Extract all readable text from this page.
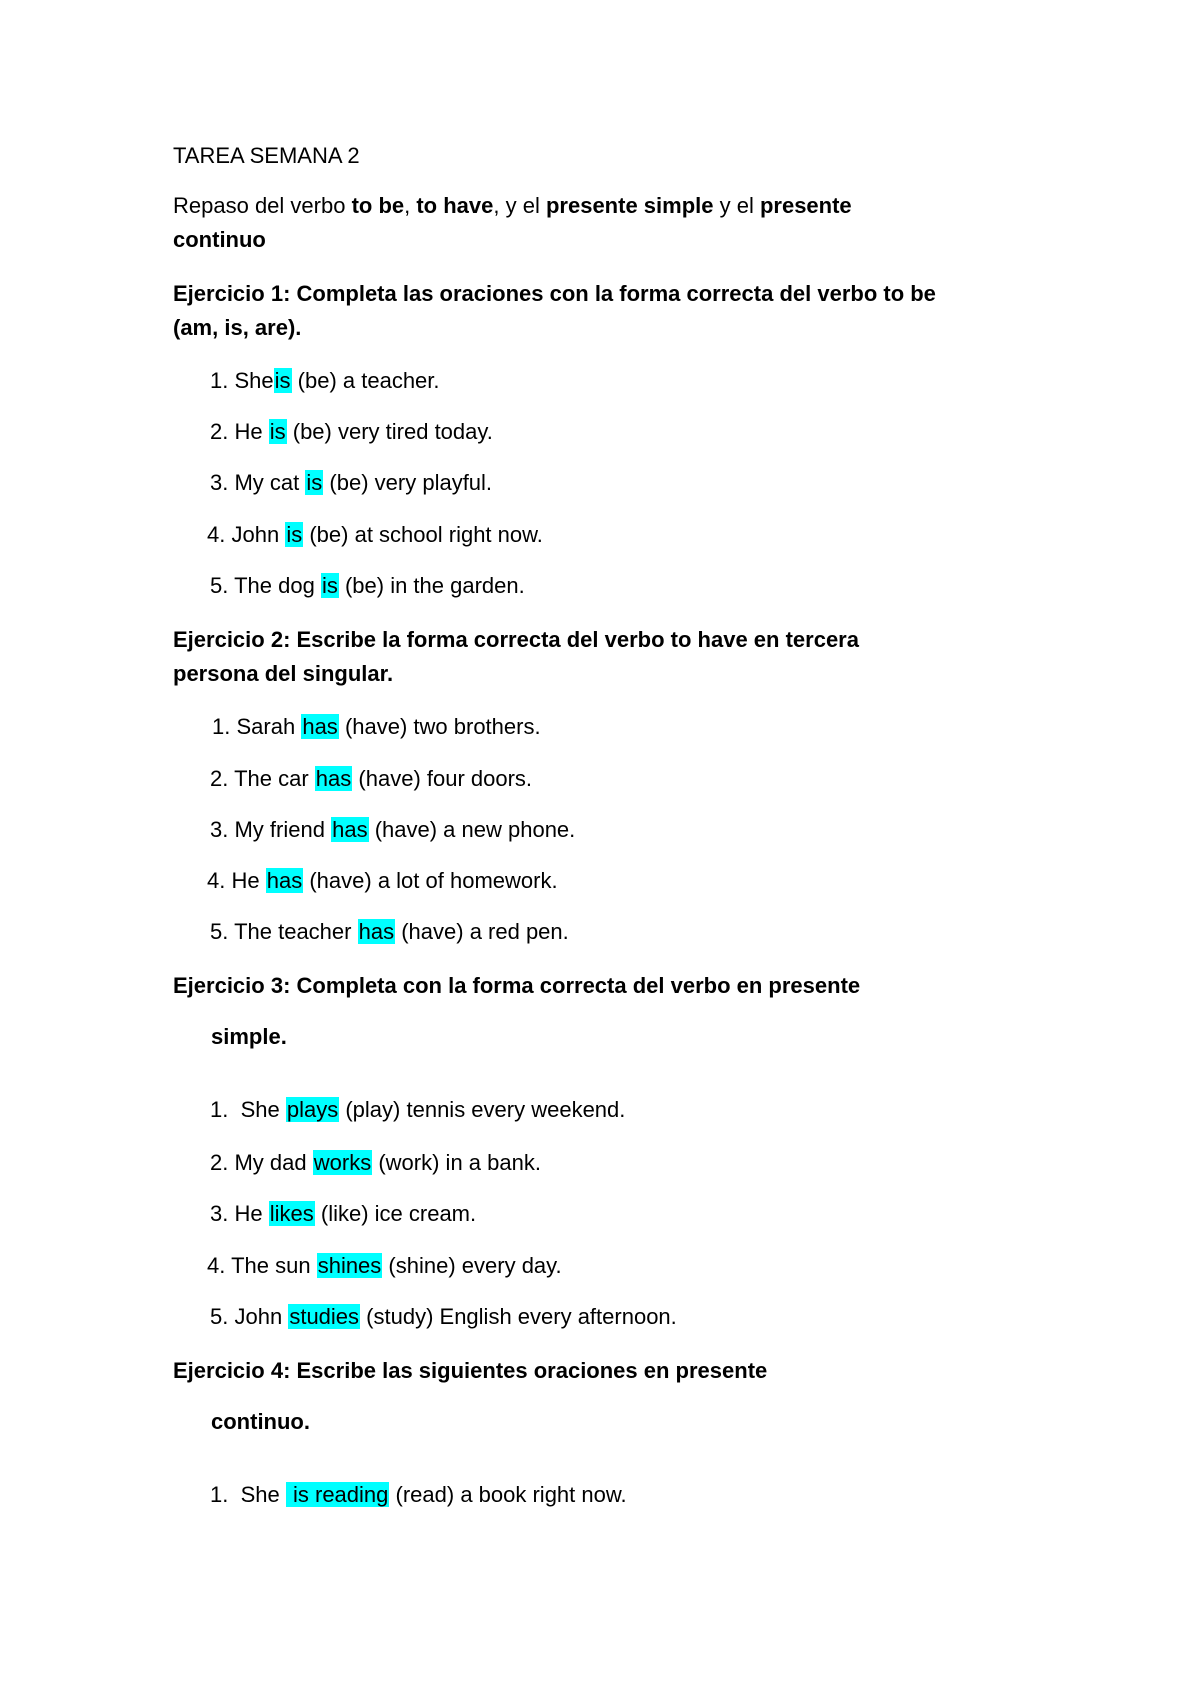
TAREA SEMANA 2
Repaso del verbo to be, to have, y el presente simple y el presente
continuo
Ejercicio 1: Completa las oraciones con la forma correcta del verbo to be
(am, is, are).
1. Sheis (be) a teacher.
2. He is (be) very tired today.
3. My cat is (be) very playful.
4. John is (be) at school right now.
5. The dog is (be) in the garden.
Ejercicio 2: Escribe la forma correcta del verbo to have en tercera
persona del singular.
1. Sarah has (have) two brothers.
2. The car has (have) four doors.
3. My friend has (have) a new phone.
4. He has (have) a lot of homework.
5. The teacher has (have) a red pen.
Ejercicio 3: Completa con la forma correcta del verbo en presente
simple.
1.  She plays (play) tennis every weekend.
2. My dad works (work) in a bank.
3. He likes (like) ice cream.
4. The sun shines (shine) every day.
5. John studies (study) English every afternoon.
Ejercicio 4: Escribe las siguientes oraciones en presente
continuo.
1.  She  is reading (read) a book right now.
